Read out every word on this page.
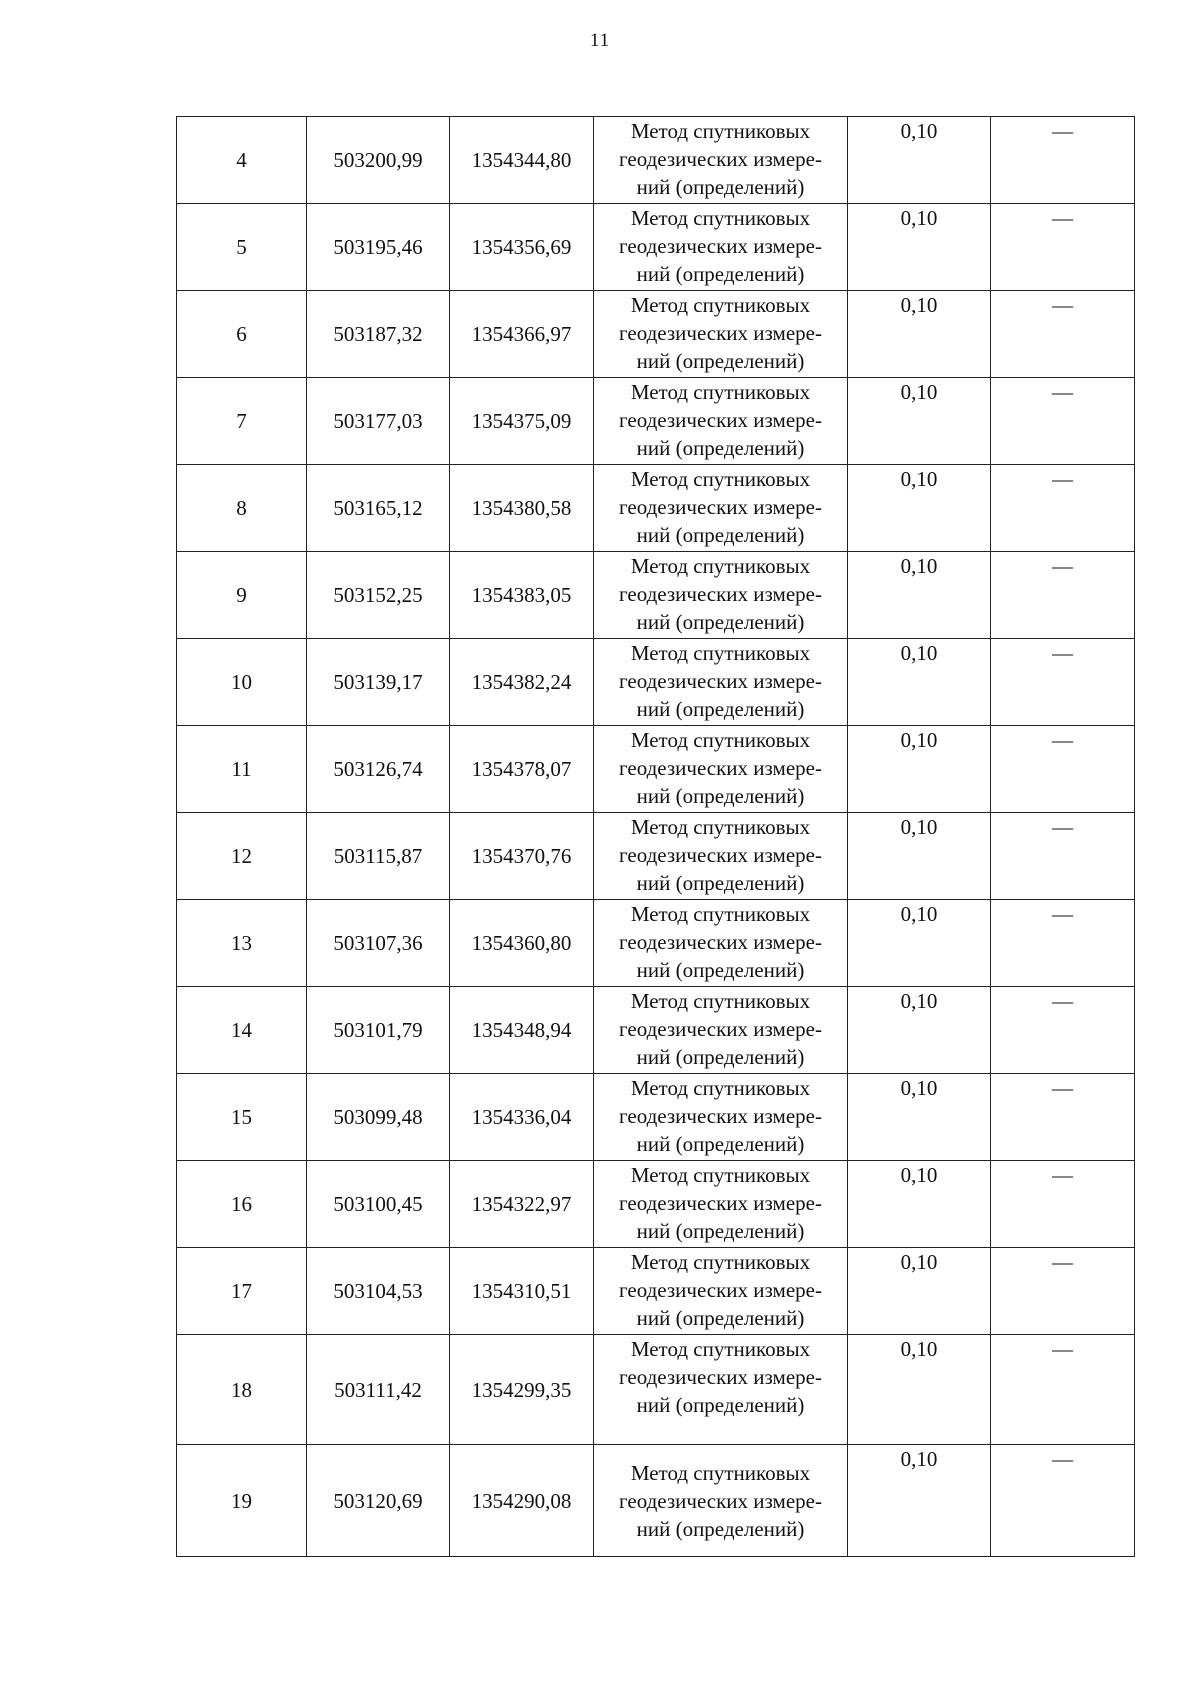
11
4	503200,99	1354344,80	Метод спутниковых
геодезических измере-
ний (определений)	0,10	—
5	503195,46	1354356,69	Метод спутниковых
геодезических измере-
ний (определений)	0,10	—
6	503187,32	1354366,97	Метод спутниковых
геодезических измере-
ний (определений)	0,10	—
7	503177,03	1354375,09	Метод спутниковых
геодезических измере-
ний (определений)	0,10	—
8	503165,12	1354380,58	Метод спутниковых
геодезических измере-
ний (определений)	0,10	—
9	503152,25	1354383,05	Метод спутниковых
геодезических измере-
ний (определений)	0,10	—
10	503139,17	1354382,24	Метод спутниковых
геодезических измере-
ний (определений)	0,10	—
11	503126,74	1354378,07	Метод спутниковых
геодезических измере-
ний (определений)	0,10	—
12	503115,87	1354370,76	Метод спутниковых
геодезических измере-
ний (определений)	0,10	—
13	503107,36	1354360,80	Метод спутниковых
геодезических измере-
ний (определений)	0,10	—
14	503101,79	1354348,94	Метод спутниковых
геодезических измере-
ний (определений)	0,10	—
15	503099,48	1354336,04	Метод спутниковых
геодезических измере-
ний (определений)	0,10	—
16	503100,45	1354322,97	Метод спутниковых
геодезических измере-
ний (определений)	0,10	—
17	503104,53	1354310,51	Метод спутниковых
геодезических измере-
ний (определений)	0,10	—
18	503111,42	1354299,35	Метод спутниковых
геодезических измере-
ний (определений)	0,10	—
19	503120,69	1354290,08	Метод спутниковых
геодезических измере-
ний (определений)	0,10	—
